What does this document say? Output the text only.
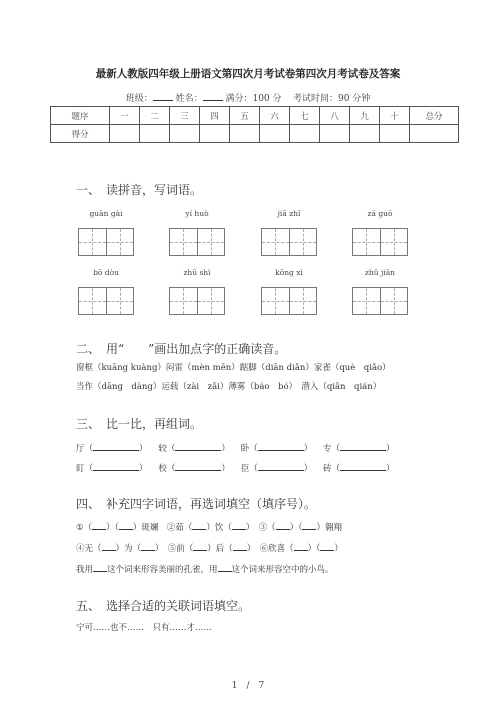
最新人教版四年级上册语文第四次月考试卷第四次月考试卷及答案
班级：	姓名：	满分：100 分 考试时间：90 分钟
题序	一	二	三	四	五	六	七	八	九	十	总分
得分											
一、　读拼音，写词语。
guān gài	yí huò	jiā zhǐ	zá guō
bō dòu	zhū shì	kōng xì	zhǔ jiān
二、　用“　　”画出加点字的正确读音。
窗框（kuāng kuàng）闷雷（mèn mēn）踮脚（diān diǎn）家雀（què　qiǎo）
当作（dāng　dàng）运载（zài　zǎi）薄雾（báo　bó）　潜入（qiǎn　qián）
三、　比一比，再组词。
厅（	） 较（	） 卧（	） 专（	）
盯（	） 校（	） 臣（	） 砖（	）
四、　补充四字词语，再选词填空（填序号）。
①（ ）（ ）斑斓　②茹（ ）饮（ ）　③（ ）（ ）翱翔
④无（ ）为（ ）　⑤前（ ）后（ ）　⑥欣喜（ ）（ ）
我用 这个词来形容美丽的孔雀，用 这个词来形容空中的小鸟。
五、　选择合适的关联词语填空。
宁可……也不……　只有……才……
1　/　7
